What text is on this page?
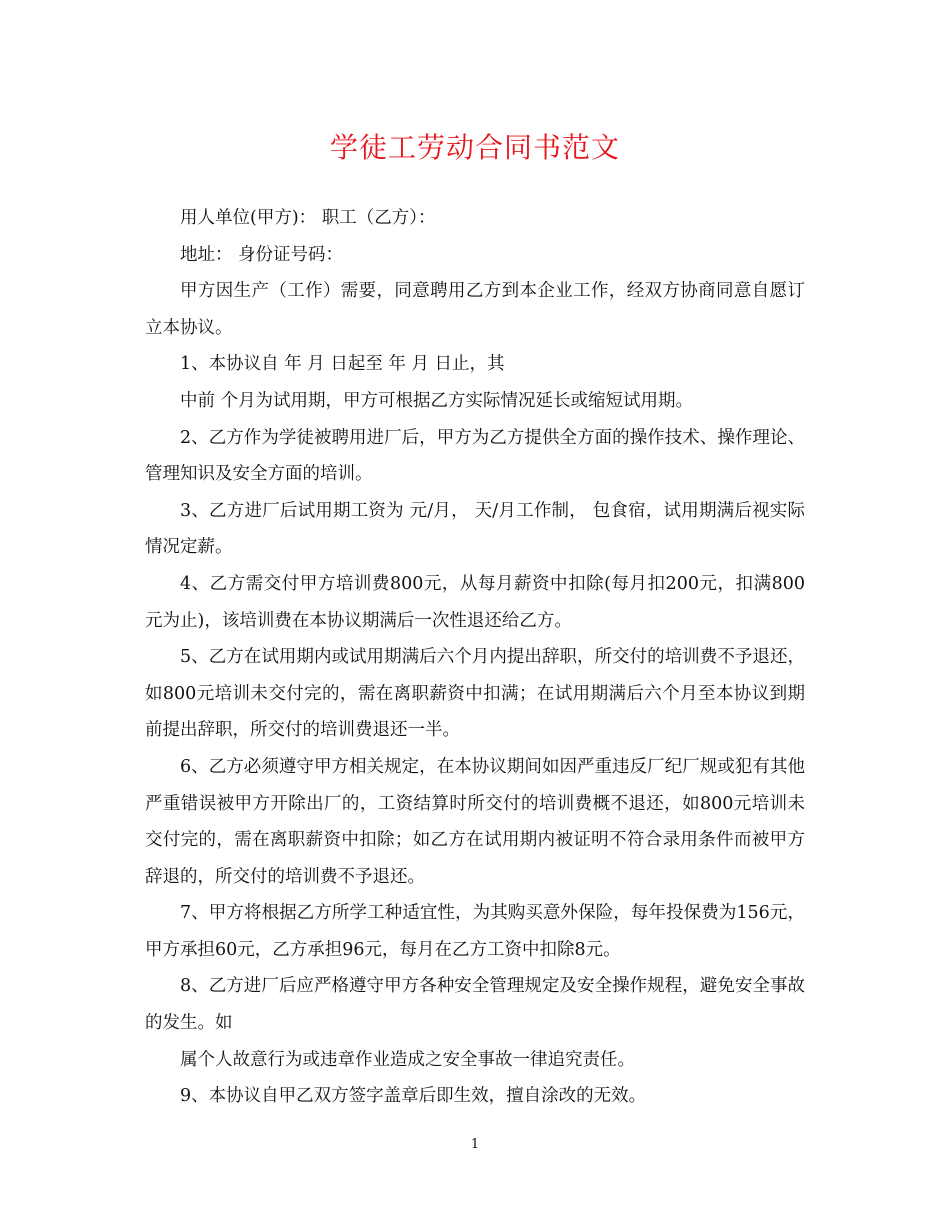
学徒工劳动合同书范文

用人单位(甲方)： 职工（乙方）：

地址： 身份证号码：

甲方因生产（工作）需要，同意聘用乙方到本企业工作，经双方协商同意自愿订立本协议。

1、本协议自 年 月 日起至 年 月 日止，其

中前 个月为试用期，甲方可根据乙方实际情况延长或缩短试用期。

2、乙方作为学徒被聘用进厂后，甲方为乙方提供全方面的操作技术、操作理论、管理知识及安全方面的培训。

3、乙方进厂后试用期工资为 元/月， 天/月工作制， 包食宿，试用期满后视实际情况定薪。

4、乙方需交付甲方培训费800元，从每月薪资中扣除(每月扣200元，扣满800元为止)，该培训费在本协议期满后一次性退还给乙方。

5、乙方在试用期内或试用期满后六个月内提出辞职，所交付的培训费不予退还，如800元培训未交付完的，需在离职薪资中扣满；在试用期满后六个月至本协议到期前提出辞职，所交付的培训费退还一半。

6、乙方必须遵守甲方相关规定，在本协议期间如因严重违反厂纪厂规或犯有其他严重错误被甲方开除出厂的，工资结算时所交付的培训费概不退还，如800元培训未交付完的，需在离职薪资中扣除；如乙方在试用期内被证明不符合录用条件而被甲方辞退的，所交付的培训费不予退还。

7、甲方将根据乙方所学工种适宜性，为其购买意外保险，每年投保费为156元，甲方承担60元，乙方承担96元，每月在乙方工资中扣除8元。

8、乙方进厂后应严格遵守甲方各种安全管理规定及安全操作规程，避免安全事故的发生。如

属个人故意行为或违章作业造成之安全事故一律追究责任。

9、本协议自甲乙双方签字盖章后即生效，擅自涂改的无效。

1
